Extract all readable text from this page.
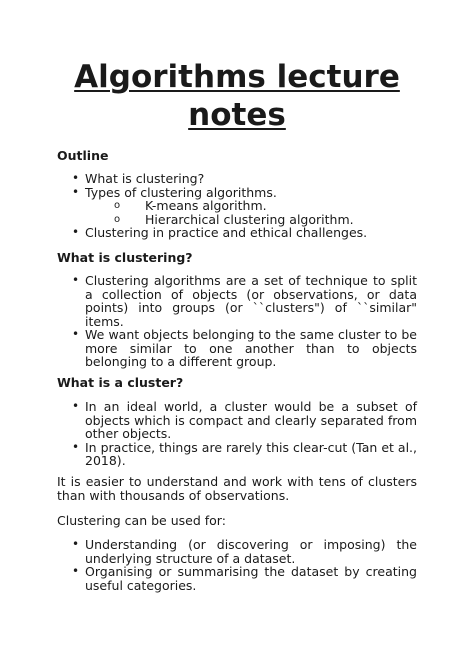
Algorithms lecture
notes
Outline
• What is clustering?
• Types of clustering algorithms.
o K-means algorithm.
o Hierarchical clustering algorithm.
• Clustering in practice and ethical challenges.
What is clustering?
• Clustering algorithms are a set of technique to split a collection of objects (or observations, or data points) into groups (or ``clusters") of ``similar" items.
• We want objects belonging to the same cluster to be more similar to one another than to objects belonging to a different group.
What is a cluster?
• In an ideal world, a cluster would be a subset of objects which is compact and clearly separated from other objects.
• In practice, things are rarely this clear-cut (Tan et al., 2018).

It is easier to understand and work with tens of clusters than with thousands of observations.

Clustering can be used for:

• Understanding (or discovering or imposing) the underlying structure of a dataset.
• Organising or summarising the dataset by creating useful categories.
